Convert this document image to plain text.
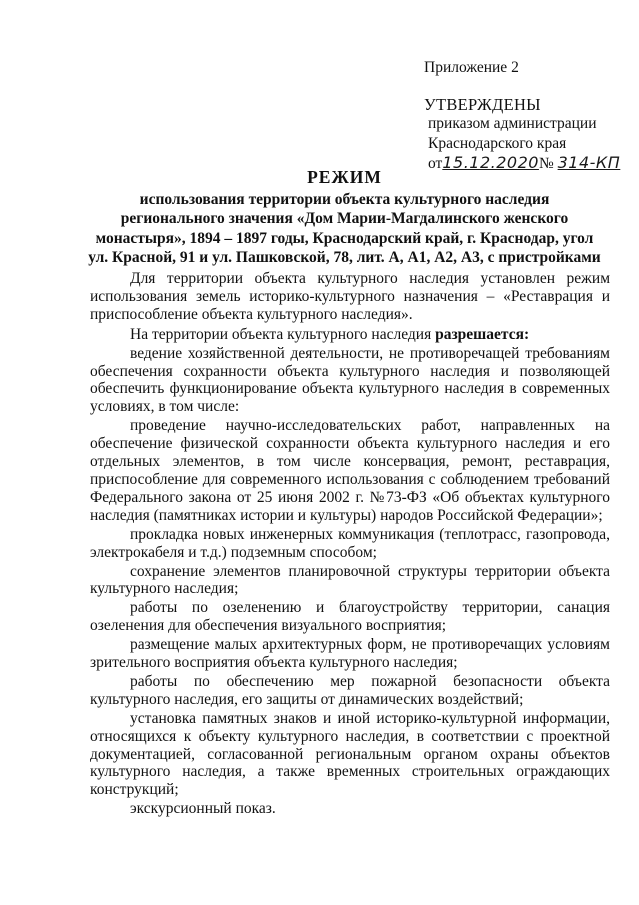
Приложение 2
УТВЕРЖДЕНЫ
приказом администрации
Краснодарского края
от15.12.2020№ 314-КП
РЕЖИМ
использования территории объекта культурного наследия
регионального значения «Дом Марии-Магдалинского женского
монастыря», 1894 – 1897 годы, Краснодарский край, г. Краснодар, угол
ул. Красной, 91 и ул. Пашковской, 78, лит. А, А1, А2, А3, с пристройками

Для территории объекта культурного наследия установлен режим использования земель историко-культурного назначения – «Реставрация и приспособление объекта культурного наследия».

На территории объекта культурного наследия разрешается:

ведение хозяйственной деятельности, не противоречащей требованиям обеспечения сохранности объекта культурного наследия и позволяющей обеспечить функционирование объекта культурного наследия в современных условиях, в том числе:

проведение научно-исследовательских работ, направленных на обеспечение физической сохранности объекта культурного наследия и его отдельных элементов, в том числе консервация, ремонт, реставрация, приспособление для современного использования с соблюдением требований Федерального закона от 25 июня 2002 г. №73-ФЗ «Об объектах культурного наследия (памятниках истории и культуры) народов Российской Федерации»;

прокладка новых инженерных коммуникация (теплотрасс, газопровода, электрокабеля и т.д.) подземным способом;

сохранение элементов планировочной структуры территории объекта культурного наследия;

работы по озеленению и благоустройству территории, санация озеленения для обеспечения визуального восприятия;

размещение малых архитектурных форм, не противоречащих условиям зрительного восприятия объекта культурного наследия;

работы по обеспечению мер пожарной безопасности объекта культурного наследия, его защиты от динамических воздействий;

установка памятных знаков и иной историко-культурной информации, относящихся к объекту культурного наследия, в соответствии с проектной документацией, согласованной региональным органом охраны объектов культурного наследия, а также временных строительных ограждающих конструкций;

экскурсионный показ.
